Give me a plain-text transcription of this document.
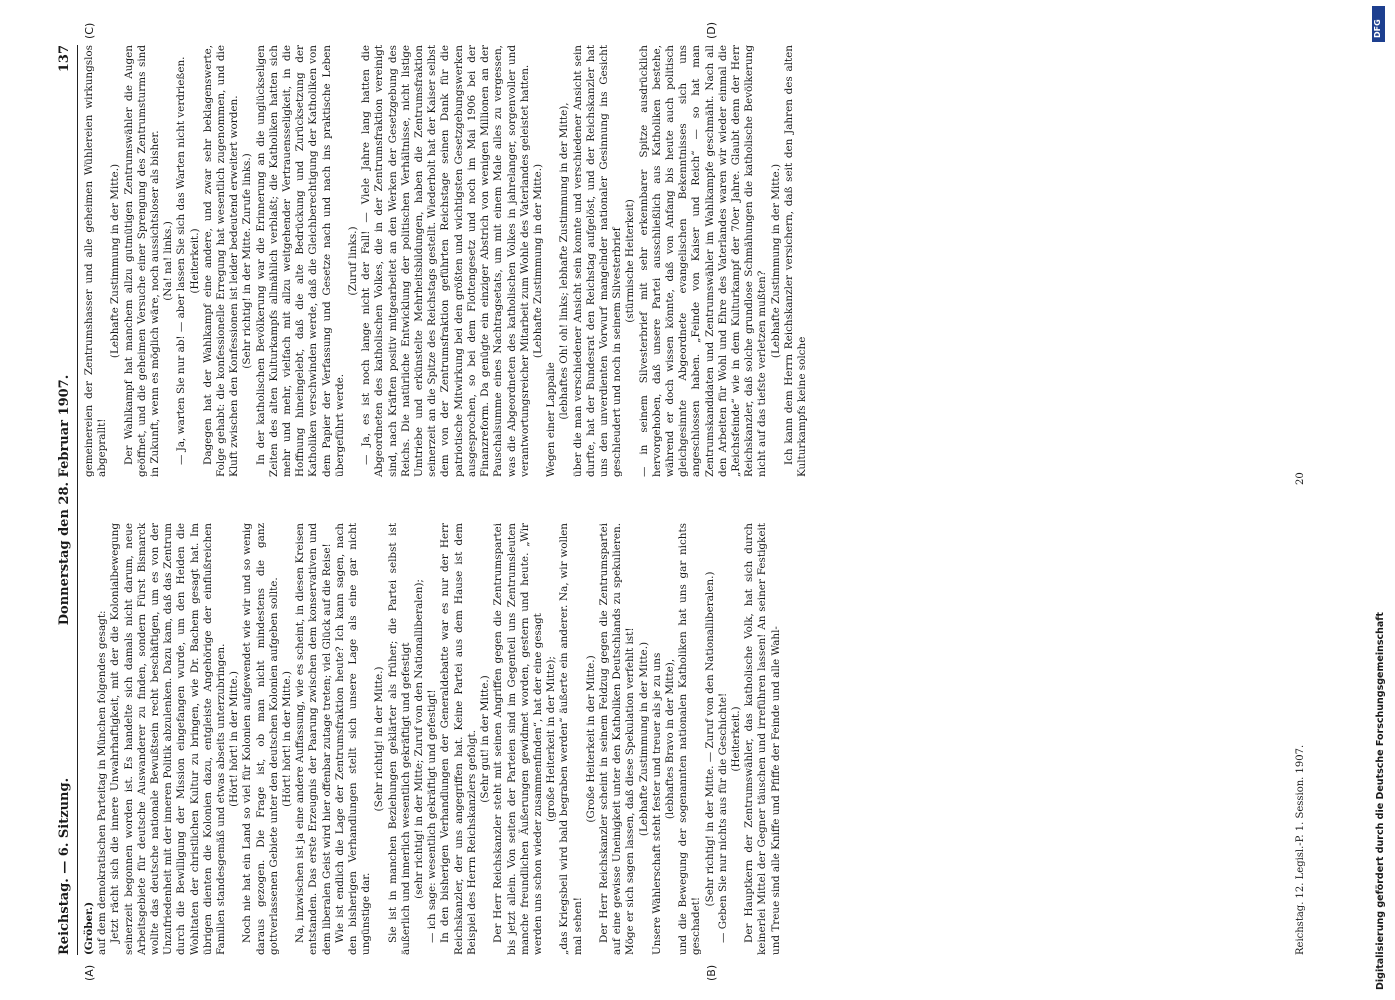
Reichstag. — 6. Sitzung.
Donnerstag den 28. Februar 1907.
137
(A)	(B)
(C)	(D)

(Gröber.) auf dem demokratischen Parteitag in München folgendes gesagt: Jetzt rächt sich die innere Unwahrhaftigkeit, mit der die Kolonialbewegung seinerzeit begonnen worden ist. Es handelte sich damals nicht darum, neue Arbeitsgebiete für deutsche Auswanderer zu finden, sondern Fürst Bismarck wollte das deutsche nationale Bewußtsein recht beschäftigen, um es von der Unzufriedenheit mit der inneren Politik abzulenken. Dazu kam, daß das Zentrum durch die Bewilligung der Mission eingefangen wurde, um den Heiden die Wohltaten der christlichen Kultur zu bringen, wie Dr. Bachem gesagt hat. Im übrigen dienten die Kolonien dazu, entgleiste Angehörige der einflußreichen Familien standesgemäß und etwas abseits unterzubringen. (Hört! hört! in der Mitte.) Noch nie hat ein Land so viel für Kolonien aufgewendet wie wir und so wenig daraus gezogen. Die Frage ist, ob man nicht mindestens die ganz gottverlassenen Gebiete unter den deutschen Kolonien aufgeben sollte. (Hört! hört! in der Mitte.) Na, inzwischen ist ja eine andere Auffassung, wie es scheint, in diesen Kreisen entstanden. Das erste Erzeugnis der Paarung zwischen dem konservativen und dem liberalen Geist wird hier offenbar zutage treten; viel Glück auf die Reise! Wie ist endlich die Lage der Zentrumsfraktion heute? Ich kann sagen, nach den bisherigen Verhandlungen stellt sich unsere Lage als eine gar nicht ungünstige dar.

(Sehr richtig! in der Mitte.) Sie ist in manchen Beziehungen geklärter als früher; die Partei selbst ist äußerlich und innerlich wesentlich gekräftigt und gefestigt (sehr richtig! in der Mitte; Zuruf von den Nationalliberalen); — ich sage: wesentlich gekräftigt und gefestigt! In den bisherigen Verhandlungen der Generaldebatte war es nur der Herr Reichskanzler, der uns angegriffen hat. Keine Partei aus dem Hause ist dem Beispiel des Herrn Reichskanzlers gefolgt. (Sehr gut! in der Mitte.) Der Herr Reichskanzler steht mit seinen Angriffen gegen die Zentrumspartei bis jetzt allein. Von seiten der Parteien sind im Gegenteil uns Zentrumsleuten manche freundlichen Äußerungen gewidmet worden, gestern und heute. „Wir werden uns schon wieder zusammenfinden“, hat der eine gesagt (große Heiterkeit in der Mitte); „das Kriegsbeil wird bald begraben werden“ äußerte ein anderer. Na, wir wollen mal sehen!

(Große Heiterkeit in der Mitte.) Der Herr Reichskanzler scheint in seinem Feldzug gegen die Zentrumspartei auf eine gewisse Uneinigkeit unter den Katholiken Deutschlands zu spekulieren. Möge er sich sagen lassen, daß diese Spekulation verfehlt ist! (Lebhafte Zustimmung in der Mitte.) Unsere Wählerschaft steht fester und treuer als je zu uns (lebhaftes Bravo in der Mitte), und die Bewegung der sogenannten nationalen Katholiken hat uns gar nichts geschadet!

(Sehr richtig! in der Mitte. — Zuruf von den Nationalliberalen.) — Geben Sie nur nichts aus für die Geschichte! (Heiterkeit.) Der Hauptkern der Zentrumswähler, das katholische Volk, hat sich durch keinerlei Mittel der Gegner täuschen und irreführen lassen! An seiner Festigkeit und Treue sind alle Kniffe und Pfiffe der Feinde und alle Wahl-

gemeinereien der Zentrumshasser und alle geheimen Wühlereien wirkungslos abgeprallt!

(Lebhafte Zustimmung in der Mitte.) Der Wahlkampf hat manchem allzu gutmütigen Zentrumswähler die Augen geöffnet, und die geheimen Versuche einer Sprengung des Zentrumsturms sind in Zukunft, wenn es möglich wäre, noch aussichtsloser als bisher. (Na! na! links.) — Ja, warten Sie nur ab! — aber lassen Sie sich das Warten nicht verdrießen. (Heiterkeit.) Dagegen hat der Wahlkampf eine andere, und zwar sehr beklagenswerte, Folge gehabt: die konfessionelle Erregung hat wesentlich zugenommen, und die Kluft zwischen den Konfessionen ist leider bedeutend erweitert worden. (Sehr richtig! in der Mitte. Zurufe links.) In der katholischen Bevölkerung war die Erinnerung an die unglückseligen Zeiten des alten Kulturkampfs allmählich verblaßt; die Katholiken hatten sich mehr und mehr, vielfach mit allzu weitgehender Vertrauensseligkeit, in die Hoffnung hineingelebt, daß die alte Bedrückung und Zurücksetzung der Katholiken verschwinden werde, daß die Gleichberechtigung der Katholiken von dem Papier der Verfassung und Gesetze nach und nach ins praktische Leben übergeführt werde.

(Zuruf links.) — Ja, es ist noch lange nicht der Fall! — Viele Jahre lang hatten die Abgeordneten des katholischen Volkes, die in der Zentrumsfraktion vereinigt sind, nach Kräften positiv mitgearbeitet an den Werken der Gesetzgebung des Reichs. Die natürliche Entwicklung der politischen Verhältnisse, nicht listige Umtriebe und erkünstelte Mehrheitsbildungen, haben die Zentrumsfraktion seinerzeit an die Spitze des Reichstags gestellt. Wiederholt hat der Kaiser selbst dem von der Zentrumsfraktion geführten Reichstage seinen Dank für die patriotische Mitwirkung bei den größten und wichtigsten Gesetzgebungswerken ausgesprochen, so bei dem Flottengesetz und noch im Mai 1906 bei der Finanzreform. Da genügte ein einziger Abstrich von wenigen Millionen an der Pauschalsumme eines Nachtragsetats, um mit einem Male alles zu vergessen, was die Abgeordneten des katholischen Volkes in jahrelanger, sorgenvoller und verantwortungsreicher Mitarbeit zum Wohle des Vaterlandes geleistet hatten. (Lebhafte Zustimmung in der Mitte.)

Wegen einer Lappalie (lebhaftes Oh! oh! links; lebhafte Zustimmung in der Mitte), über die man verschiedener Ansicht sein konnte und verschiedener Ansicht sein durfte, hat der Bundesrat den Reichstag aufgelöst, und der Reichskanzler hat uns den unverdienten Vorwurf mangelnder nationaler Gesinnung ins Gesicht geschleudert und noch in seinem Silvesterbrief (stürmische Heiterkeit) — in seinem Silvesterbrief mit sehr erkennbarer Spitze ausdrücklich hervorgehoben, daß unsere Partei ausschließlich aus Katholiken bestehe, während er doch wissen könnte, daß von Anfang bis heute auch politisch gleichgesinnte Abgeordnete evangelischen Bekenntnisses sich uns angeschlossen haben. „Feinde von Kaiser und Reich“ — so hat man Zentrumskandidaten und Zentrumswähler im Wahlkampfe geschmäht. Nach all den Arbeiten für Wohl und Ehre des Vaterlandes waren wir wieder einmal die „Reichsfeinde“ wie in dem Kulturkampf der 70er Jahre. Glaubt denn der Herr Reichskanzler, daß solche grundlose Schmähungen die katholische Bevölkerung nicht auf das tiefste verletzen mußten?

(Lebhafte Zustimmung in der Mitte.) Ich kann dem Herrn Reichskanzler versichern, daß seit den Jahren des alten Kulturkampfs keine solche

Reichstag. 12. Legisl.-P. 1. Session. 1907.
20
Digitalisierung gefördert durch die Deutsche Forschungsgemeinschaft
DFG
